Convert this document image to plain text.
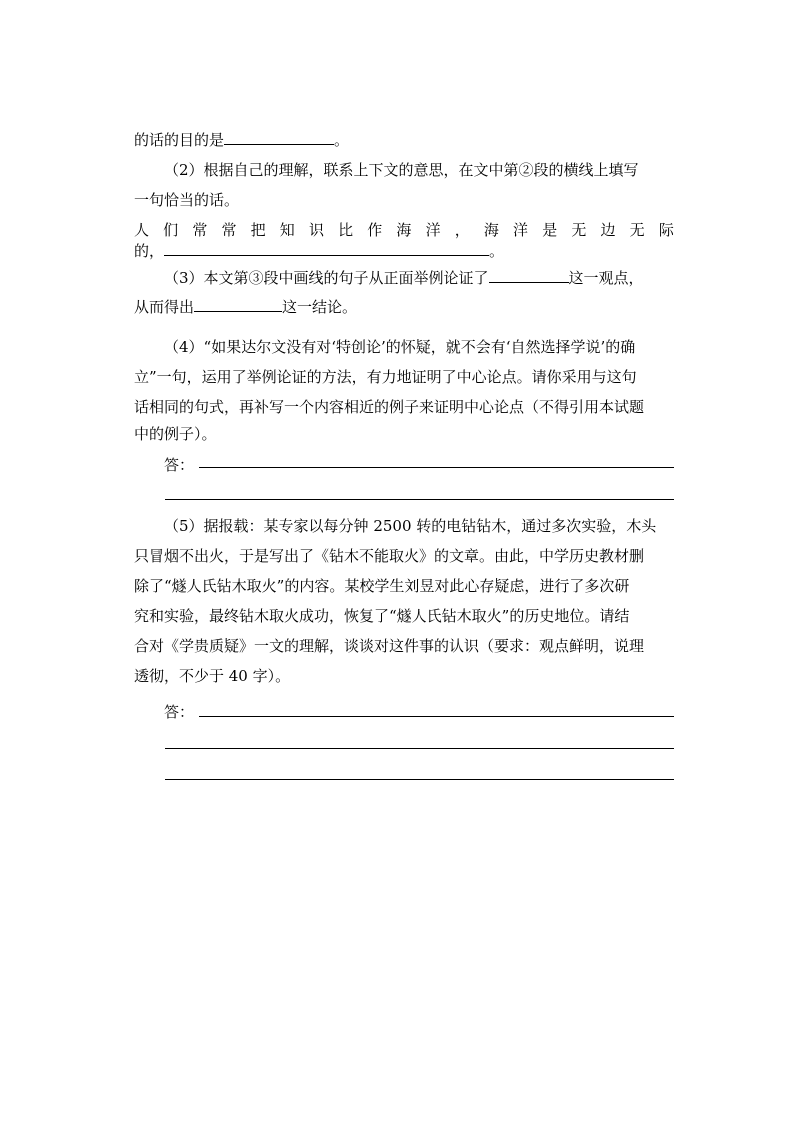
的话的目的是	。
（2）根据自己的理解，联系上下文的意思，在文中第②段的横线上填写
一句恰当的话。
人 们 常 常 把 知 识 比 作 海 洋 ， 海 洋 是 无 边 无 际
的，	。
（3）本文第③段中画线的句子从正面举例论证了	这一观点，
从而得出	这一结论。
（4）“如果达尔文没有对‘特创论’的怀疑，就不会有‘自然选择学说’的确
立”一句，运用了举例论证的方法，有力地证明了中心论点。请你采用与这句
话相同的句式，再补写一个内容相近的例子来证明中心论点（不得引用本试题
中的例子）。
答：
（5）据报载：某专家以每分钟 2500 转的电钻钻木，通过多次实验，木头
只冒烟不出火，于是写出了《钻木不能取火》的文章。由此，中学历史教材删
除了“燧人氏钻木取火”的内容。某校学生刘昱对此心存疑虑，进行了多次研
究和实验，最终钻木取火成功，恢复了“燧人氏钻木取火”的历史地位。请结
合对《学贵质疑》一文的理解，谈谈对这件事的认识（要求：观点鲜明，说理
透彻，不少于 40 字）。
答：
